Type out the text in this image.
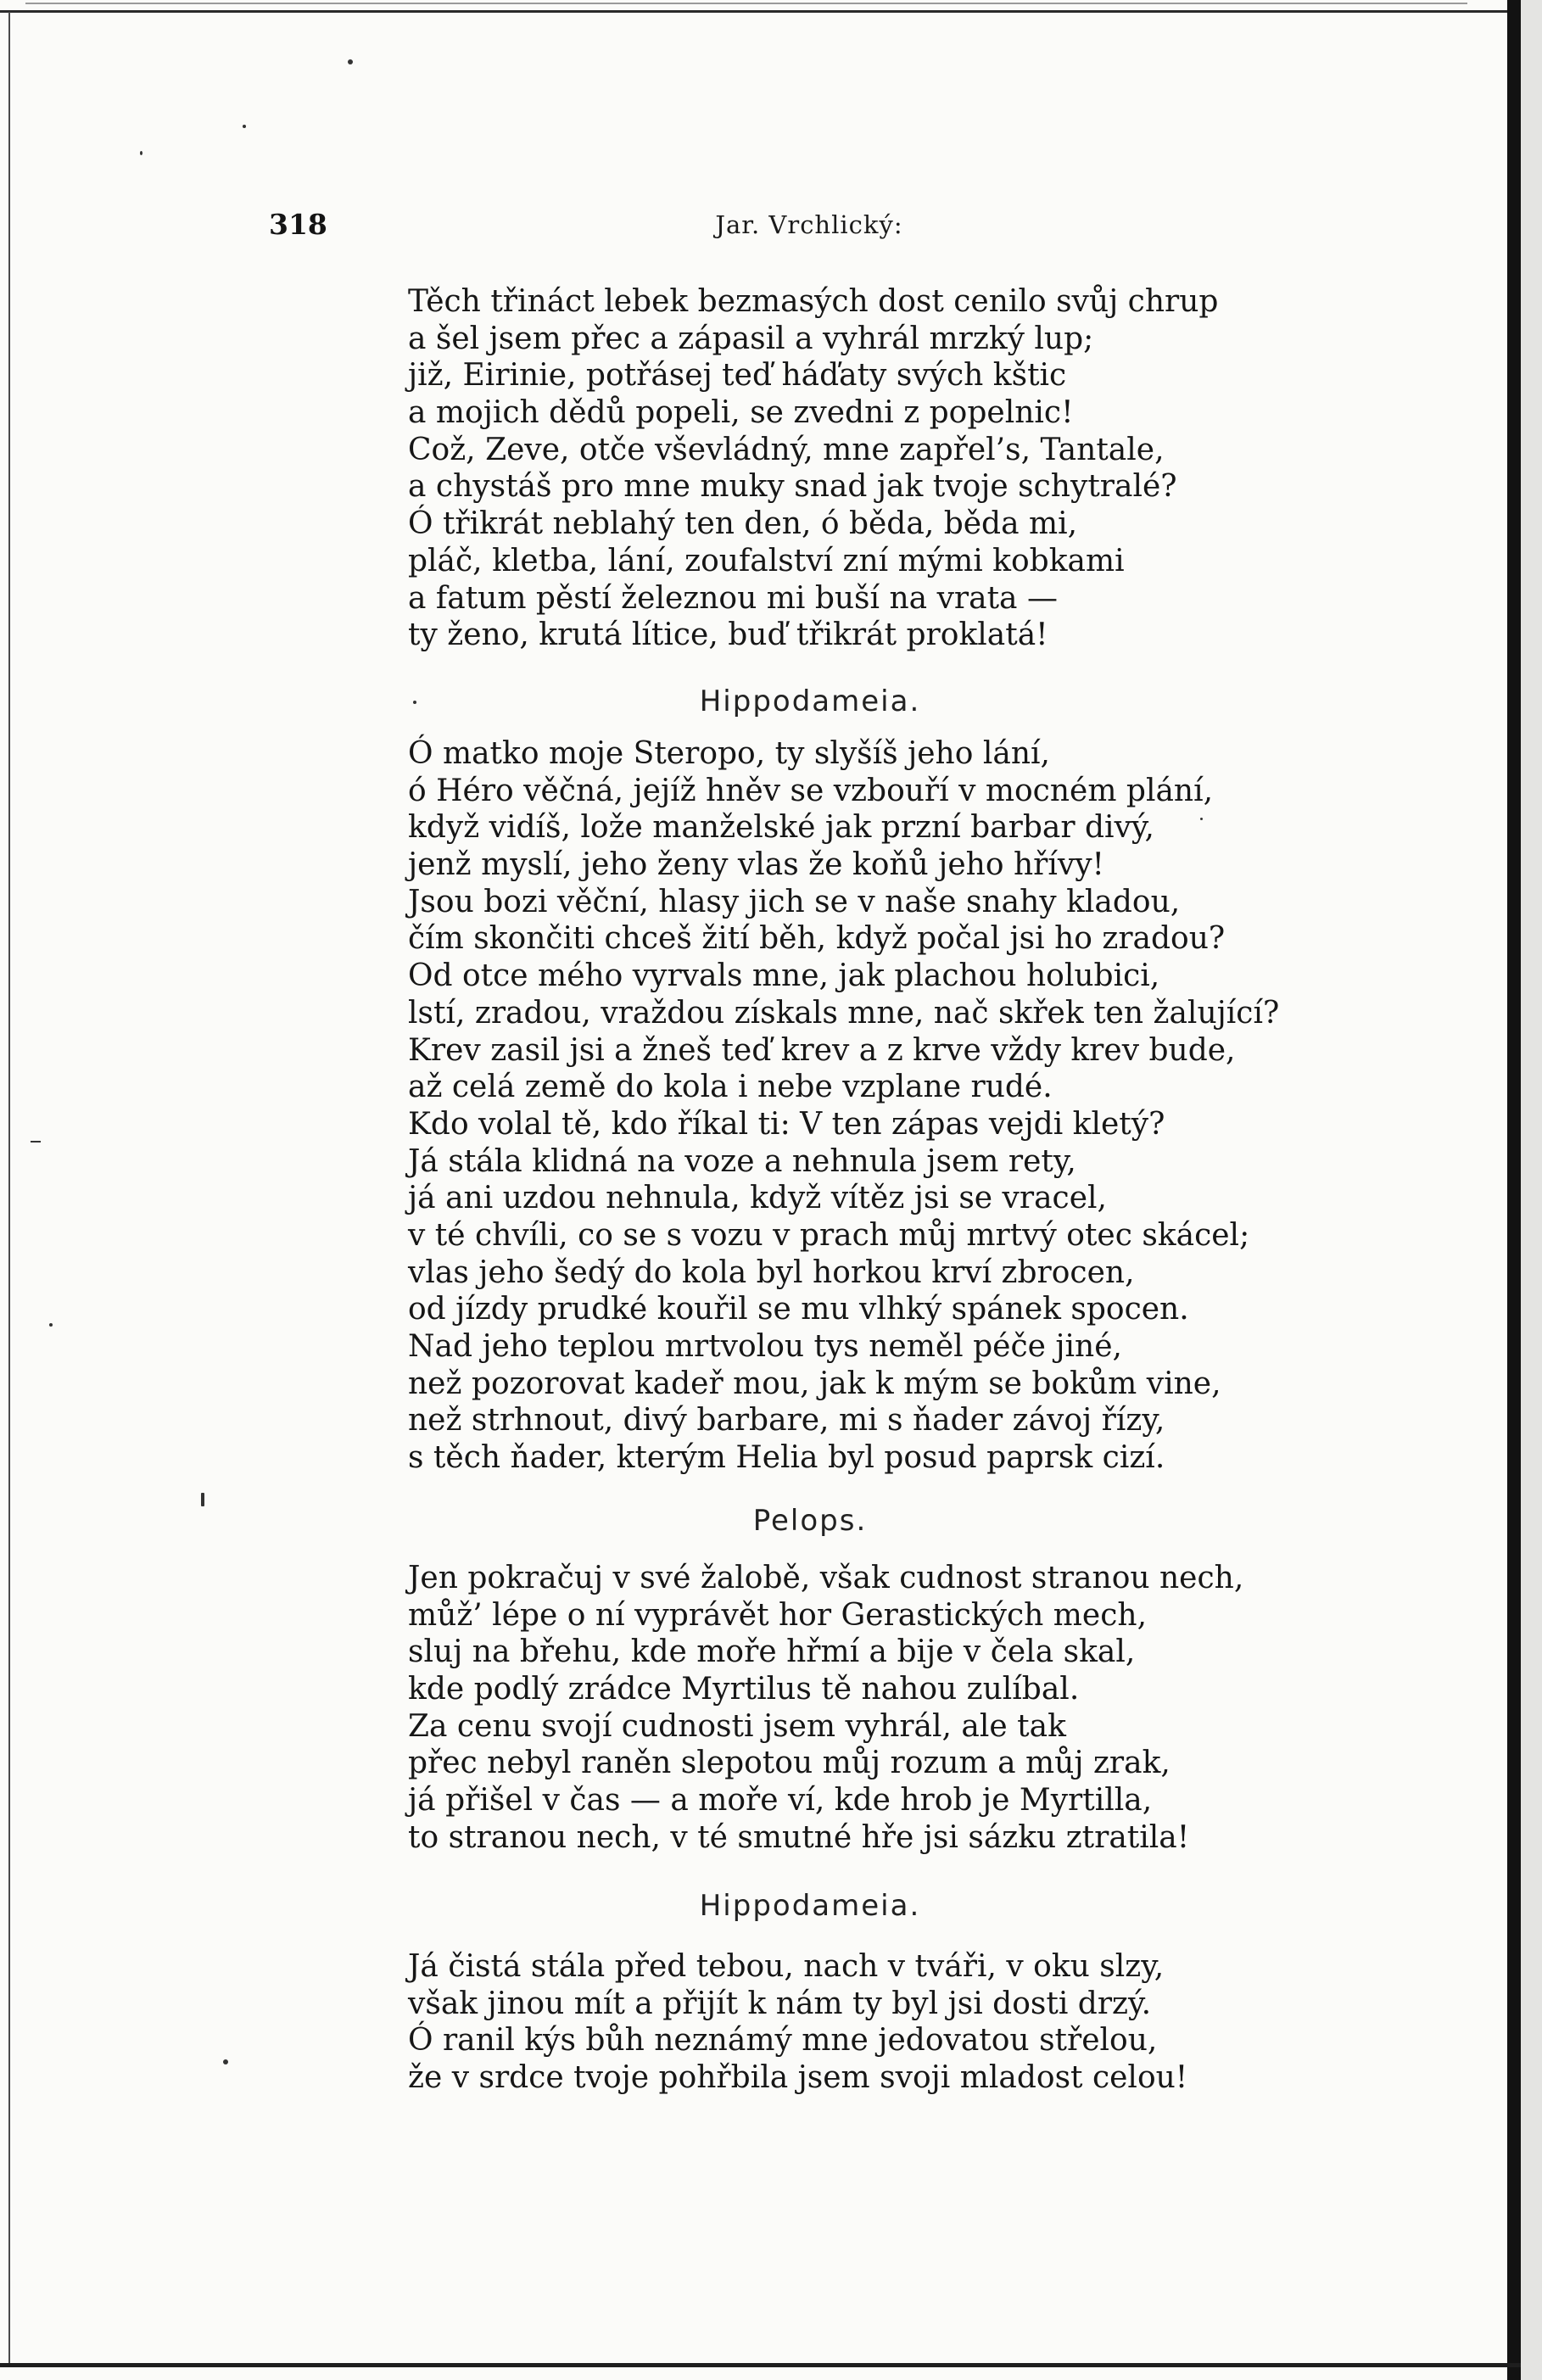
318	Jar. Vrchlický:
Těch třináct lebek bezmasých dost cenilo svůj chrup
a šel jsem přec a zápasil a vyhrál mrzký lup;
již, Eirinie, potřásej teď háďaty svých kštic
a mojich dědů popeli, se zvedni z popelnic!
Což, Zeve, otče vševládný, mne zapřel’s, Tantale,
a chystáš pro mne muky snad jak tvoje schytralé?
Ó třikrát neblahý ten den, ó běda, běda mi,
pláč, kletba, lání, zoufalství zní mými kobkami
a fatum pěstí železnou mi buší na vrata —
ty ženo, krutá lítice, buď třikrát proklatá!
Hippodameia.
Ó matko moje Steropo, ty slyšíš jeho lání,
ó Héro věčná, jejíž hněv se vzbouří v mocném plání,
když vidíš, lože manželské jak przní barbar divý,
jenž myslí, jeho ženy vlas že koňů jeho hřívy!
Jsou bozi věční, hlasy jich se v naše snahy kladou,
čím skončiti chceš žití běh, když počal jsi ho zradou?
Od otce mého vyrvals mne, jak plachou holubici,
lstí, zradou, vraždou získals mne, nač skřek ten žalující?
Krev zasil jsi a žneš teď krev a z krve vždy krev bude,
až celá země do kola i nebe vzplane rudé.
Kdo volal tě, kdo říkal ti: V ten zápas vejdi kletý?
Já stála klidná na voze a nehnula jsem rety,
já ani uzdou nehnula, když vítěz jsi se vracel,
v té chvíli, co se s vozu v prach můj mrtvý otec skácel;
vlas jeho šedý do kola byl horkou krví zbrocen,
od jízdy prudké kouřil se mu vlhký spánek spocen.
Nad jeho teplou mrtvolou tys neměl péče jiné,
než pozorovat kadeř mou, jak k mým se bokům vine,
než strhnout, divý barbare, mi s ňader závoj řízy,
s těch ňader, kterým Helia byl posud paprsk cizí.
Pelops.
Jen pokračuj v své žalobě, však cudnost stranou nech,
můž’ lépe o ní vyprávět hor Gerastických mech,
sluj na břehu, kde moře hřmí a bije v čela skal,
kde podlý zrádce Myrtilus tě nahou zulíbal.
Za cenu svojí cudnosti jsem vyhrál, ale tak
přec nebyl raněn slepotou můj rozum a můj zrak,
já přišel v čas — a moře ví, kde hrob je Myrtilla,
to stranou nech, v té smutné hře jsi sázku ztratila!
Hippodameia.
Já čistá stála před tebou, nach v tváři, v oku slzy,
však jinou mít a přijít k nám ty byl jsi dosti drzý.
Ó ranil kýs bůh neznámý mne jedovatou střelou,
že v srdce tvoje pohřbila jsem svoji mladost celou!
